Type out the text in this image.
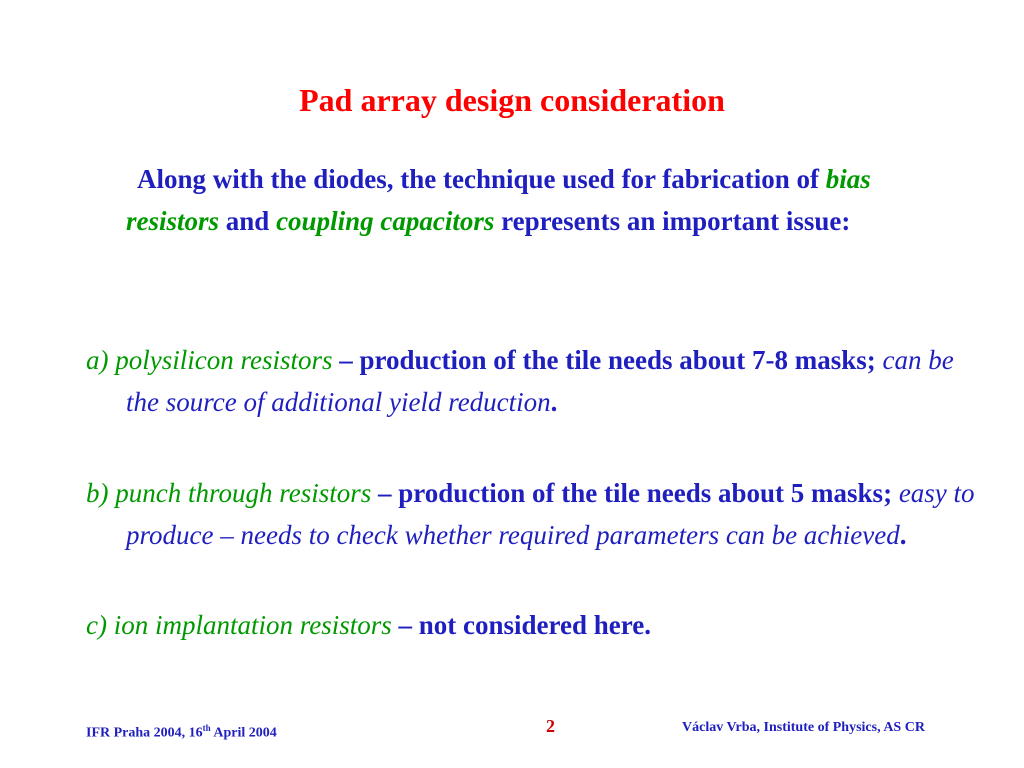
Pad array design consideration
Along with the diodes, the technique used for fabrication of bias resistors and coupling capacitors represents an important issue:
a) polysilicon resistors – production of the tile needs about 7-8 masks; can be the source of additional yield reduction.
b) punch through resistors – production of the tile needs about 5 masks; easy to produce – needs to check whether required parameters can be achieved.
c) ion implantation resistors – not considered here.
IFR Praha 2004, 16th April 2004	2	Václav Vrba, Institute of Physics, AS CR
